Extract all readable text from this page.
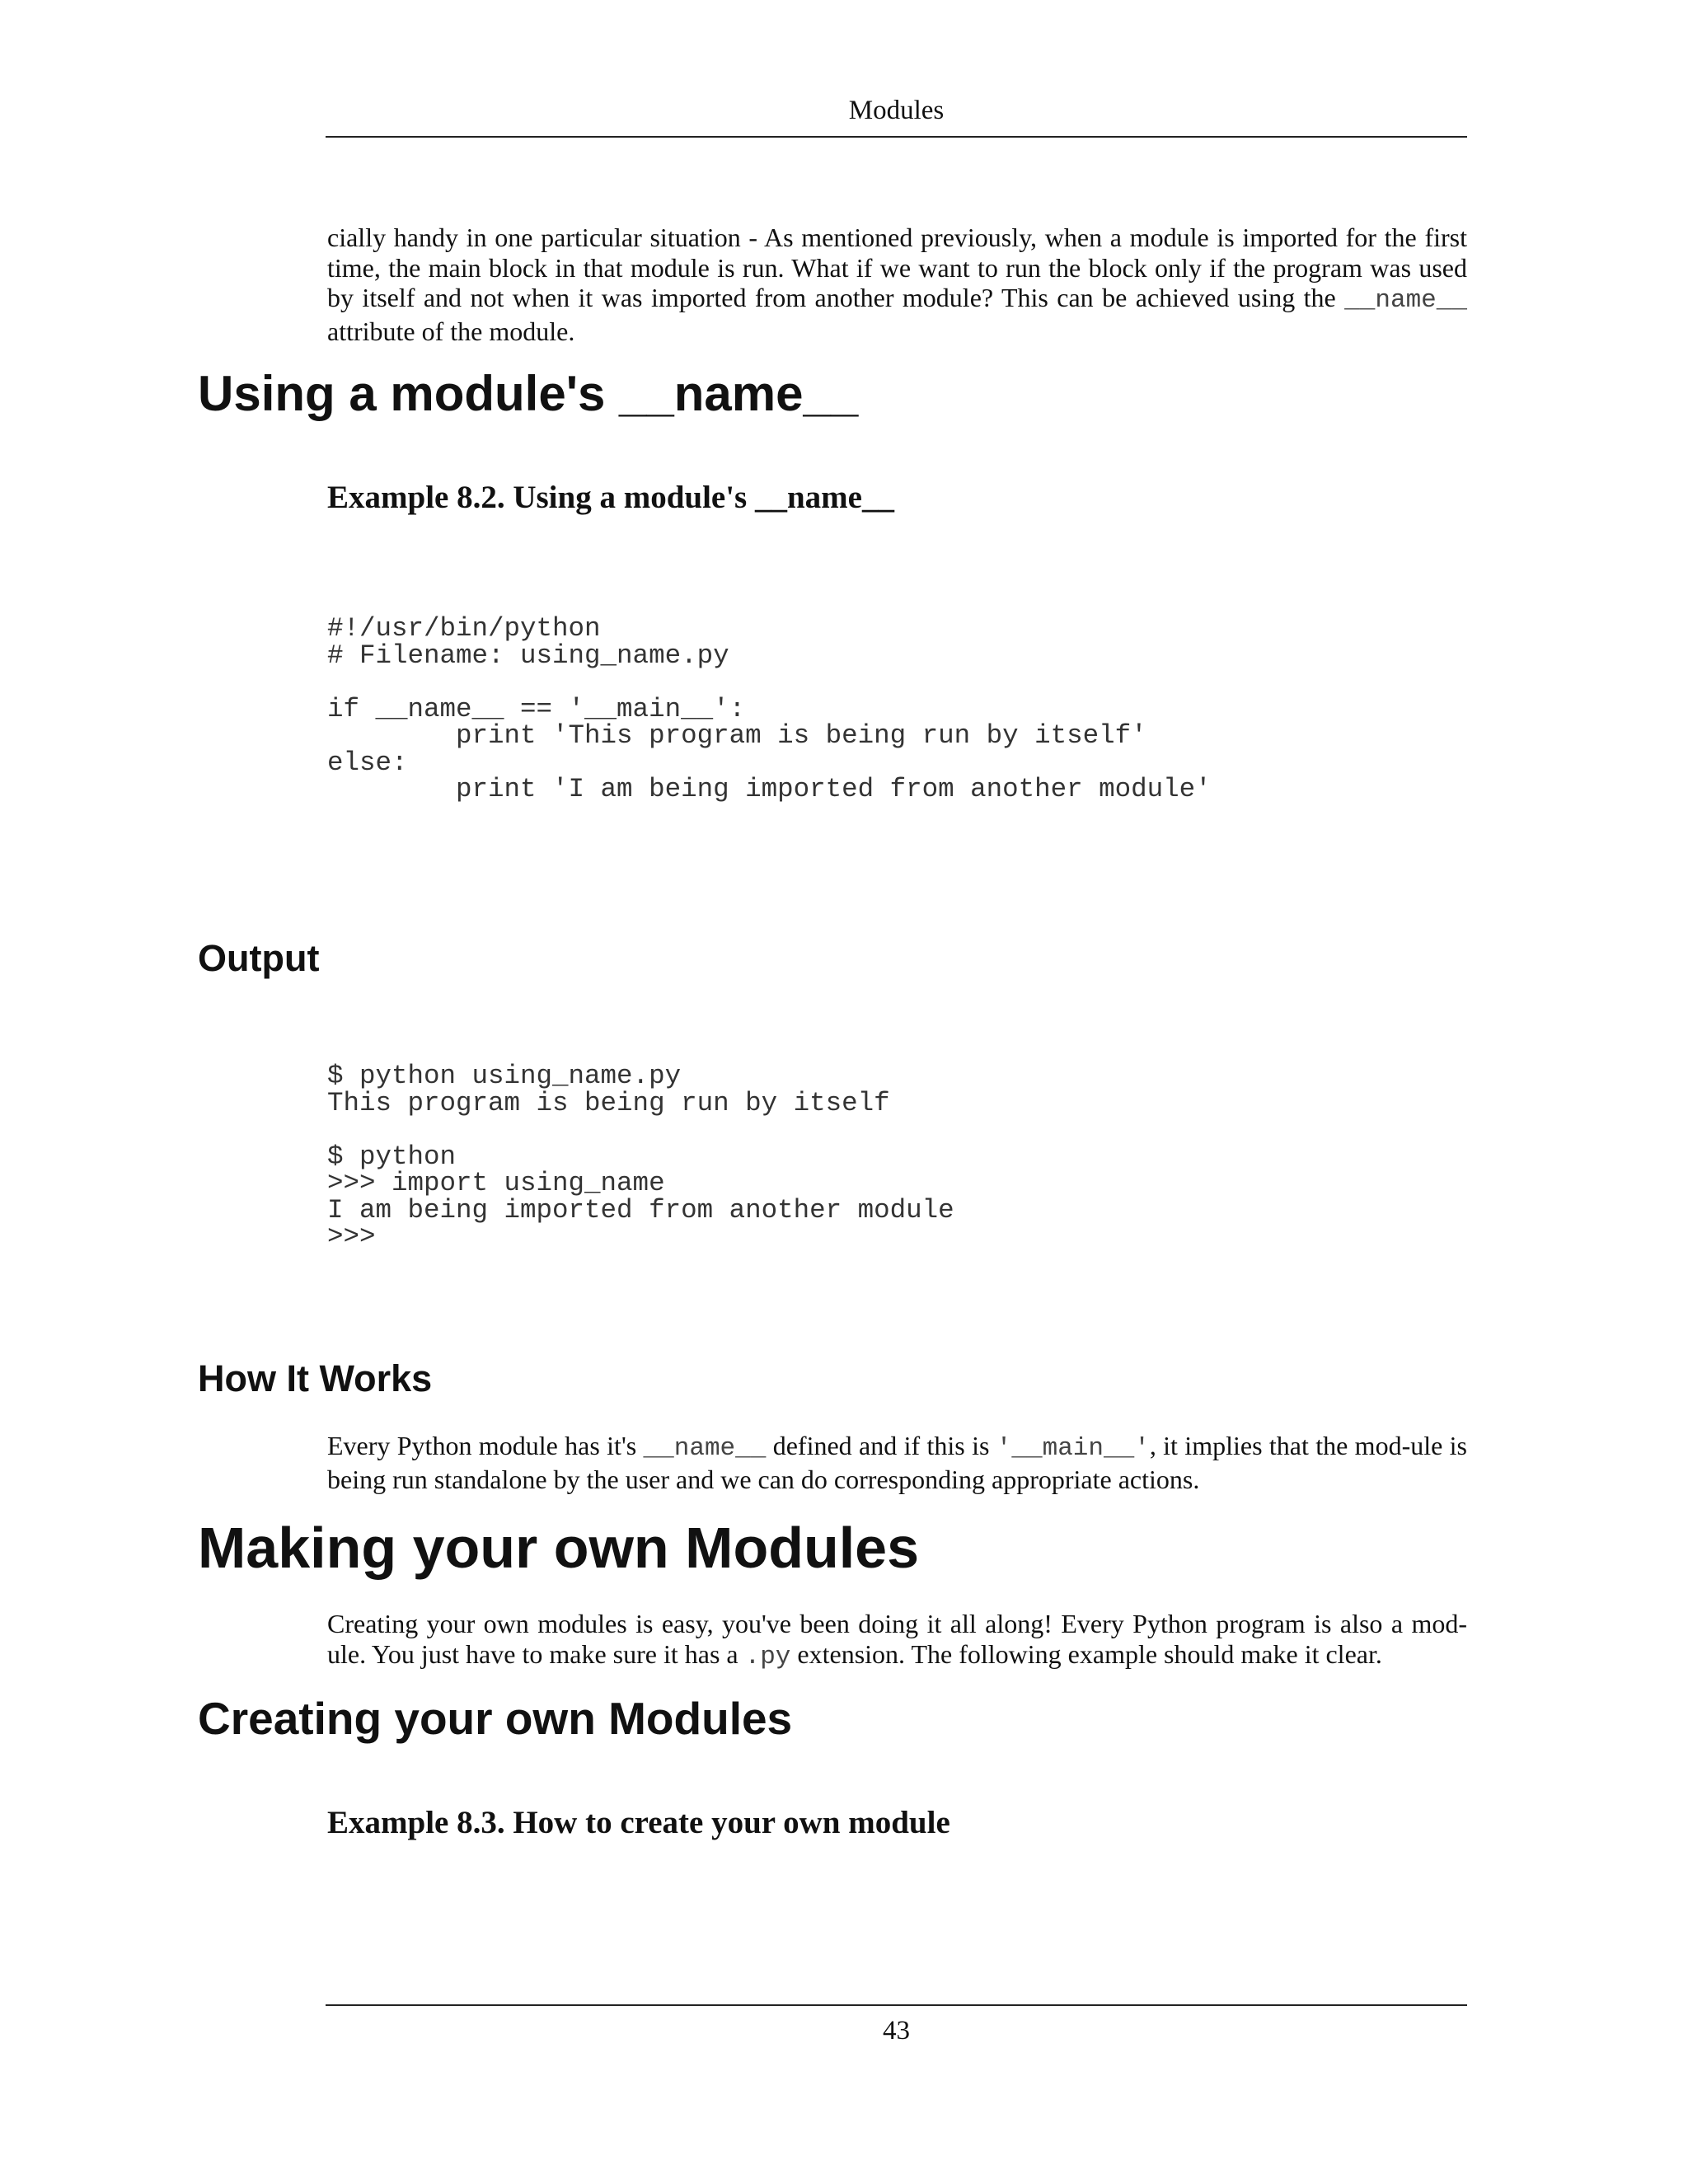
Modules
cially handy in one particular situation - As mentioned previously, when a module is imported for the first time, the main block in that module is run. What if we want to run the block only if the program was used by itself and not when it was imported from another module? This can be achieved using the __name__ attribute of the module.
Using a module's __name__
Example 8.2. Using a module's __name__
#!/usr/bin/python
# Filename: using_name.py
if __name__ == '__main__':
print 'This program is being run by itself'
else:
print 'I am being imported from another module'
Output
$ python using_name.py
This program is being run by itself
$ python
>>> import using_name
I am being imported from another module
>>>
How It Works
Every Python module has it's __name__ defined and if this is '__main__', it implies that the mod-ule is being run standalone by the user and we can do corresponding appropriate actions.
Making your own Modules
Creating your own modules is easy, you've been doing it all along! Every Python program is also a mod-ule. You just have to make sure it has a .py extension. The following example should make it clear.
Creating your own Modules
Example 8.3. How to create your own module
43
